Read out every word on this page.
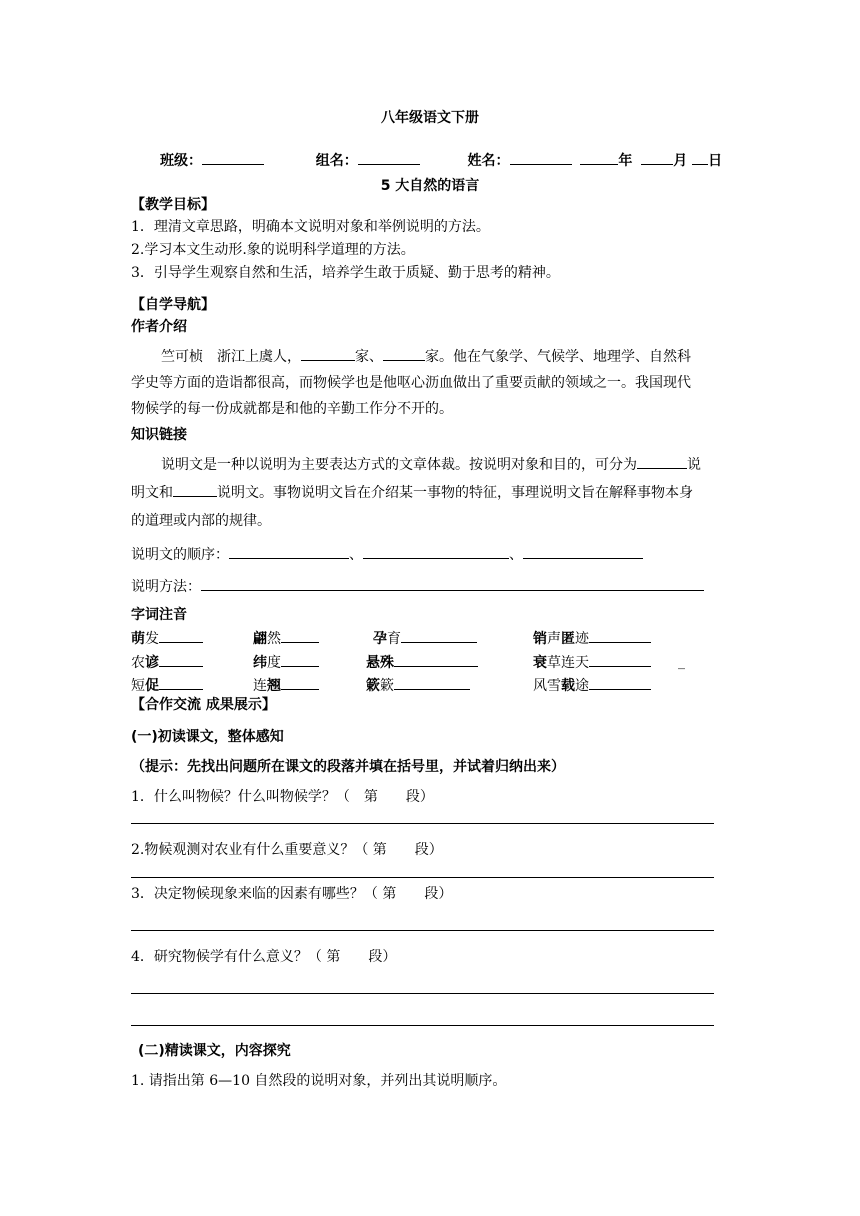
八年级语文下册
班级：	组名：	姓名：	年	月 日
5 大自然的语言
【教学目标】
1．理清文章思路，明确本文说明对象和举例说明的方法。
2.学习本文生动形.象的说明科学道理的方法。
3．引导学生观察自然和生活，培养学生敢于质疑、勤于思考的精神。
【自学导航】
作者介绍
竺可桢　浙江上虞人，	家、	家。他在气象学、气候学、地理学、自然科
学史等方面的造诣都很高，而物候学也是他呕心沥血做出了重要贡献的领域之一。我国现代
物候学的每一份成就都是和他的辛勤工作分不开的。
知识链接
说明文是一种以说明为主要表达方式的文章体裁。按说明对象和目的，可分为	说
明文和	说明文。事物说明文旨在介绍某一事物的特征，事理说明文旨在解释事物本身
的道理或内部的规律。
说明文的顺序：	、	、
说明方法：
字词注音
萌发	翩然	孕育	销声匿迹
农谚	纬度	悬殊	衰草连天	_
短促	连翘	簌簌	风雪载途
【合作交流 成果展示】
(一)初读课文，整体感知
（提示：先找出问题所在课文的段落并填在括号里，并试着归纳出来）
1．什么叫物候？什么叫物候学？（　第　　段）
2.物候观测对农业有什么重要意义？（ 第　　段）
3．决定物候现象来临的因素有哪些？（ 第　　段）
4．研究物候学有什么意义？（ 第　　段）
(二)精读课文，内容探究
1. 请指出第 6—10 自然段的说明对象，并列出其说明顺序。
